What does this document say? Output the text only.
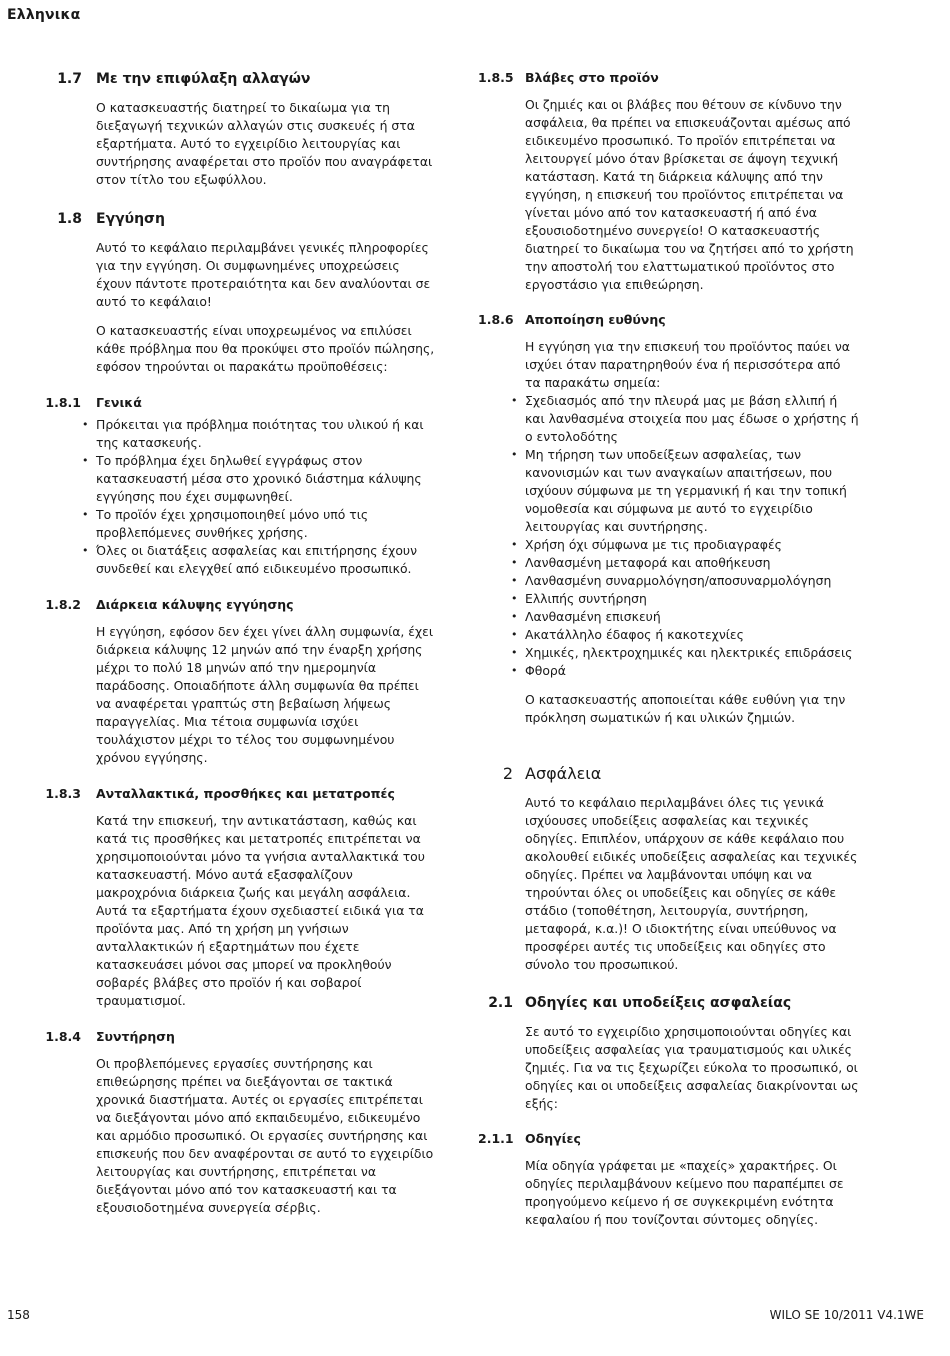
Ελληνικα
1.7 Με την επιφύλαξη αλλαγών

Ο κατασκευαστής διατηρεί το δικαίωμα για τη διεξαγωγή τεχνικών αλλαγών στις συσκευές ή στα εξαρτήματα. Αυτό το εγχειρίδιο λειτουργίας και συντήρησης αναφέρεται στο προϊόν που αναγράφεται στον τίτλο του εξωφύλλου.

1.8 Εγγύηση

Αυτό το κεφάλαιο περιλαμβάνει γενικές πληροφορίες για την εγγύηση. Οι συμφωνημένες υποχρεώσεις έχουν πάντοτε προτεραιότητα και δεν αναλύονται σε αυτό το κεφάλαιο!

Ο κατασκευαστής είναι υποχρεωμένος να επιλύσει κάθε πρόβλημα που θα προκύψει στο προϊόν πώλησης, εφόσον τηρούνται οι παρακάτω προϋποθέσεις:

1.8.1 Γενικά
• Πρόκειται για πρόβλημα ποιότητας του υλικού ή και της κατασκευής.
• Το πρόβλημα έχει δηλωθεί εγγράφως στον κατασκευαστή μέσα στο χρονικό διάστημα κάλυψης εγγύησης που έχει συμφωνηθεί.
• Το προϊόν έχει χρησιμοποιηθεί μόνο υπό τις προβλεπόμενες συνθήκες χρήσης.
• Όλες οι διατάξεις ασφαλείας και επιτήρησης έχουν συνδεθεί και ελεγχθεί από ειδικευμένο προσωπικό.
1.8.2 Διάρκεια κάλυψης εγγύησης

Η εγγύηση, εφόσον δεν έχει γίνει άλλη συμφωνία, έχει διάρκεια κάλυψης 12 μηνών από την έναρξη χρήσης μέχρι το πολύ 18 μηνών από την ημερομηνία παράδοσης. Οποιαδήποτε άλλη συμφωνία θα πρέπει να αναφέρεται γραπτώς στη βεβαίωση λήψεως παραγγελίας. Μια τέτοια συμφωνία ισχύει τουλάχιστον μέχρι το τέλος του συμφωνημένου χρόνου εγγύησης.

1.8.3 Ανταλλακτικά, προσθήκες και μετατροπές

Κατά την επισκευή, την αντικατάσταση, καθώς και κατά τις προσθήκες και μετατροπές επιτρέπεται να χρησιμοποιούνται μόνο τα γνήσια ανταλλακτικά του κατασκευαστή. Μόνο αυτά εξασφαλίζουν μακροχρόνια διάρκεια ζωής και μεγάλη ασφάλεια. Αυτά τα εξαρτήματα έχουν σχεδιαστεί ειδικά για τα προϊόντα μας. Από τη χρήση μη γνήσιων ανταλλακτικών ή εξαρτημάτων που έχετε κατασκευάσει μόνοι σας μπορεί να προκληθούν σοβαρές βλάβες στο προϊόν ή και σοβαροί τραυματισμοί.

1.8.4 Συντήρηση

Οι προβλεπόμενες εργασίες συντήρησης και επιθεώρησης πρέπει να διεξάγονται σε τακτικά χρονικά διαστήματα. Αυτές οι εργασίες επιτρέπεται να διεξάγονται μόνο από εκπαιδευμένο, ειδικευμένο και αρμόδιο προσωπικό. Οι εργασίες συντήρησης και επισκευής που δεν αναφέρονται σε αυτό το εγχειρίδιο λειτουργίας και συντήρησης, επιτρέπεται να διεξάγονται μόνο από τον κατασκευαστή και τα εξουσιοδοτημένα συνεργεία σέρβις.

1.8.5 Βλάβες στο προϊόν

Οι ζημιές και οι βλάβες που θέτουν σε κίνδυνο την ασφάλεια, θα πρέπει να επισκευάζονται αμέσως από ειδικευμένο προσωπικό. Το προϊόν επιτρέπεται να λειτουργεί μόνο όταν βρίσκεται σε άψογη τεχνική κατάσταση. Κατά τη διάρκεια κάλυψης από την εγγύηση, η επισκευή του προϊόντος επιτρέπεται να γίνεται μόνο από τον κατασκευαστή ή από ένα εξουσιοδοτημένο συνεργείο! Ο κατασκευαστής διατηρεί το δικαίωμα του να ζητήσει από το χρήστη την αποστολή του ελαττωματικού προϊόντος στο εργοστάσιο για επιθεώρηση.

1.8.6 Αποποίηση ευθύνης

Η εγγύηση για την επισκευή του προϊόντος παύει να ισχύει όταν παρατηρηθούν ένα ή περισσότερα από τα παρακάτω σημεία:

• Σχεδιασμός από την πλευρά μας με βάση ελλιπή ή και λανθασμένα στοιχεία που μας έδωσε ο χρήστης ή ο εντολοδότης
• Μη τήρηση των υποδείξεων ασφαλείας, των κανονισμών και των αναγκαίων απαιτήσεων, που ισχύουν σύμφωνα με τη γερμανική ή και την τοπική νομοθεσία και σύμφωνα με αυτό το εγχειρίδιο λειτουργίας και συντήρησης.
• Χρήση όχι σύμφωνα με τις προδιαγραφές
• Λανθασμένη μεταφορά και αποθήκευση
• Λανθασμένη συναρμολόγηση/αποσυναρμολόγηση
• Ελλιπής συντήρηση
• Λανθασμένη επισκευή
• Ακατάλληλο έδαφος ή κακοτεχνίες
• Χημικές, ηλεκτροχημικές και ηλεκτρικές επιδράσεις
• Φθορά

Ο κατασκευαστής αποποιείται κάθε ευθύνη για την πρόκληση σωματικών ή και υλικών ζημιών.

2 Ασφάλεια

Αυτό το κεφάλαιο περιλαμβάνει όλες τις γενικά ισχύουσες υποδείξεις ασφαλείας και τεχνικές οδηγίες. Επιπλέον, υπάρχουν σε κάθε κεφάλαιο που ακολουθεί ειδικές υποδείξεις ασφαλείας και τεχνικές οδηγίες. Πρέπει να λαμβάνονται υπόψη και να τηρούνται όλες οι υποδείξεις και οδηγίες σε κάθε στάδιο (τοποθέτηση, λειτουργία, συντήρηση, μεταφορά, κ.α.)! Ο ιδιοκτήτης είναι υπεύθυνος να προσφέρει αυτές τις υποδείξεις και οδηγίες στο σύνολο του προσωπικού.

2.1 Οδηγίες και υποδείξεις ασφαλείας

Σε αυτό το εγχειρίδιο χρησιμοποιούνται οδηγίες και υποδείξεις ασφαλείας για τραυματισμούς και υλικές ζημιές. Για να τις ξεχωρίζει εύκολα το προσωπικό, οι οδηγίες και οι υποδείξεις ασφαλείας διακρίνονται ως εξής:

2.1.1 Οδηγίες

Μία οδηγία γράφεται με «παχείς» χαρακτήρες. Οι οδηγίες περιλαμβάνουν κείμενο που παραπέμπει σε προηγούμενο κείμενο ή σε συγκεκριμένη ενότητα κεφαλαίου ή που τονίζονται σύντομες οδηγίες.

158	WILO SE 10/2011 V4.1WE
